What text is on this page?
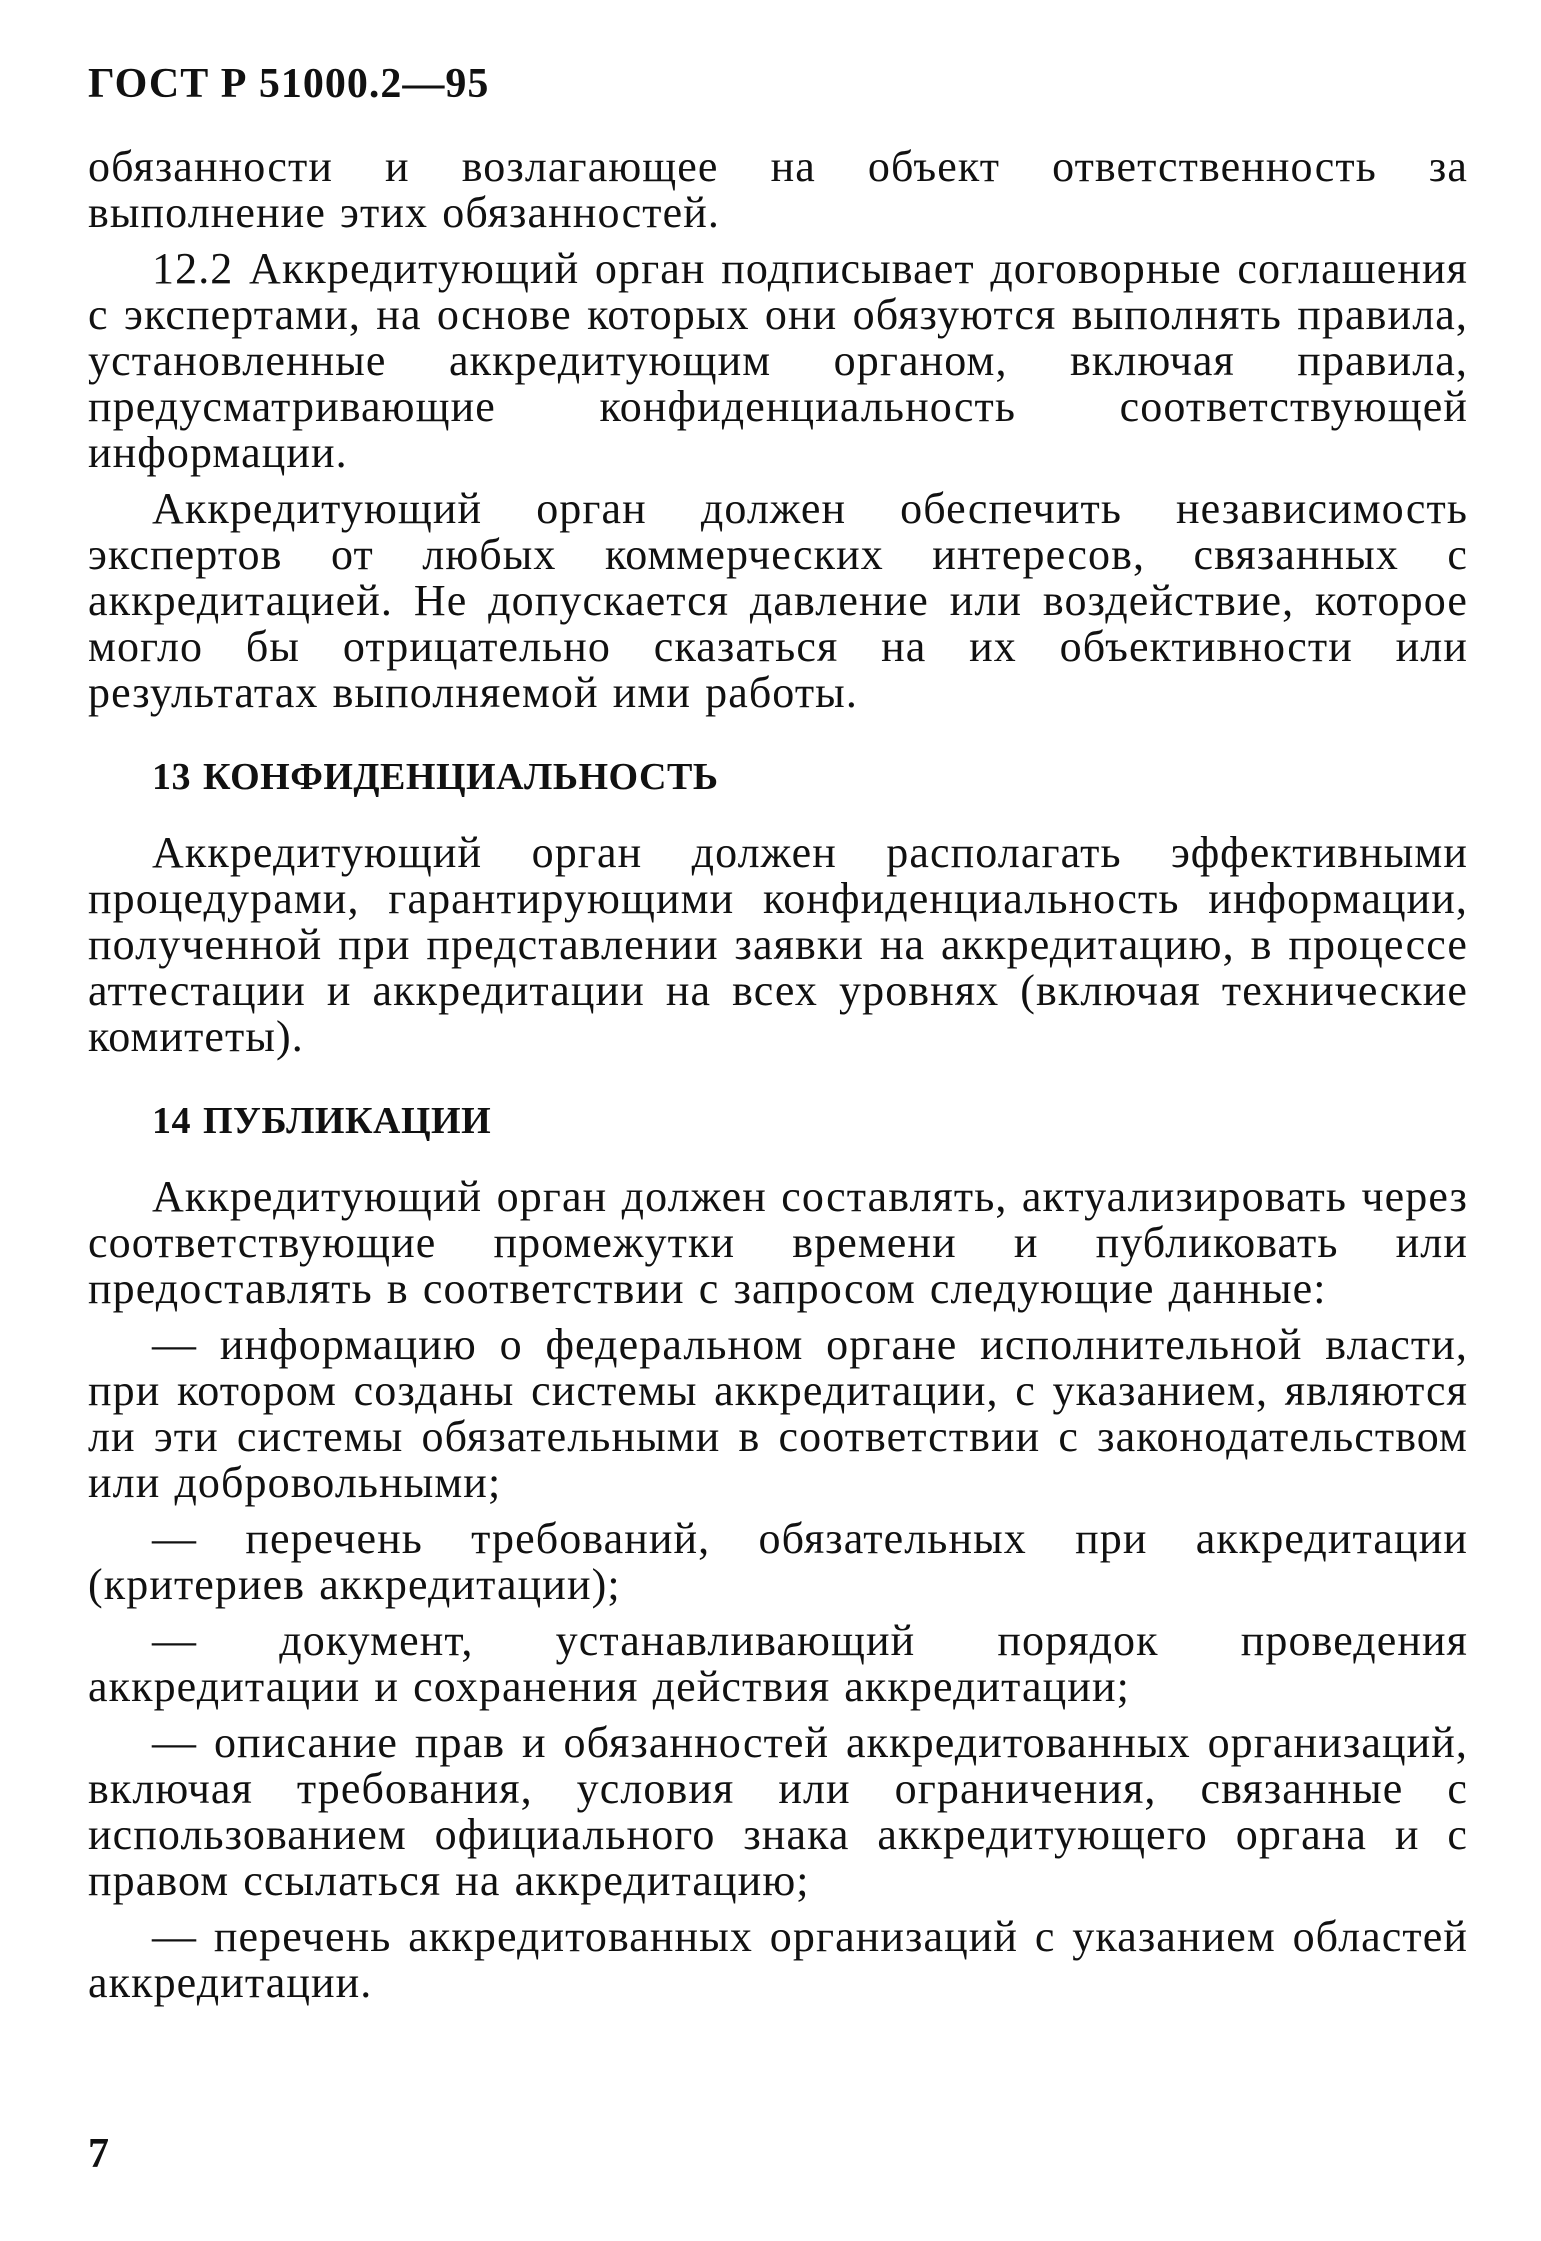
ГОСТ Р 51000.2—95

обязанности и возлагающее на объект ответственность за выполнение этих обязанностей.

12.2 Аккредитующий орган подписывает договорные соглашения с экспертами, на основе которых они обязуются выполнять правила, установленные аккредитующим органом, включая правила, предусматривающие конфиденциальность соответствующей информации.

Аккредитующий орган должен обеспечить независимость экспертов от любых коммерческих интересов, связанных с аккредитацией. Не допускается давление или воздействие, которое могло бы отрицательно сказаться на их объективности или результатах выполняемой ими работы.

13 КОНФИДЕНЦИАЛЬНОСТЬ

Аккредитующий орган должен располагать эффективными процедурами, гарантирующими конфиденциальность информации, полученной при представлении заявки на аккредитацию, в процессе аттестации и аккредитации на всех уровнях (включая технические комитеты).

14 ПУБЛИКАЦИИ

Аккредитующий орган должен составлять, актуализировать через соответствующие промежутки времени и публиковать или предоставлять в соответствии с запросом следующие данные:

— информацию о федеральном органе исполнительной власти, при котором созданы системы аккредитации, с указанием, являются ли эти системы обязательными в соответствии с законодательством или добровольными;

— перечень требований, обязательных при аккредитации (критериев аккредитации);

— документ, устанавливающий порядок проведения аккредитации и сохранения действия аккредитации;

— описание прав и обязанностей аккредитованных организаций, включая требования, условия или ограничения, связанные с использованием официального знака аккредитующего органа и с правом ссылаться на аккредитацию;

— перечень аккредитованных организаций с указанием областей аккредитации.

7
